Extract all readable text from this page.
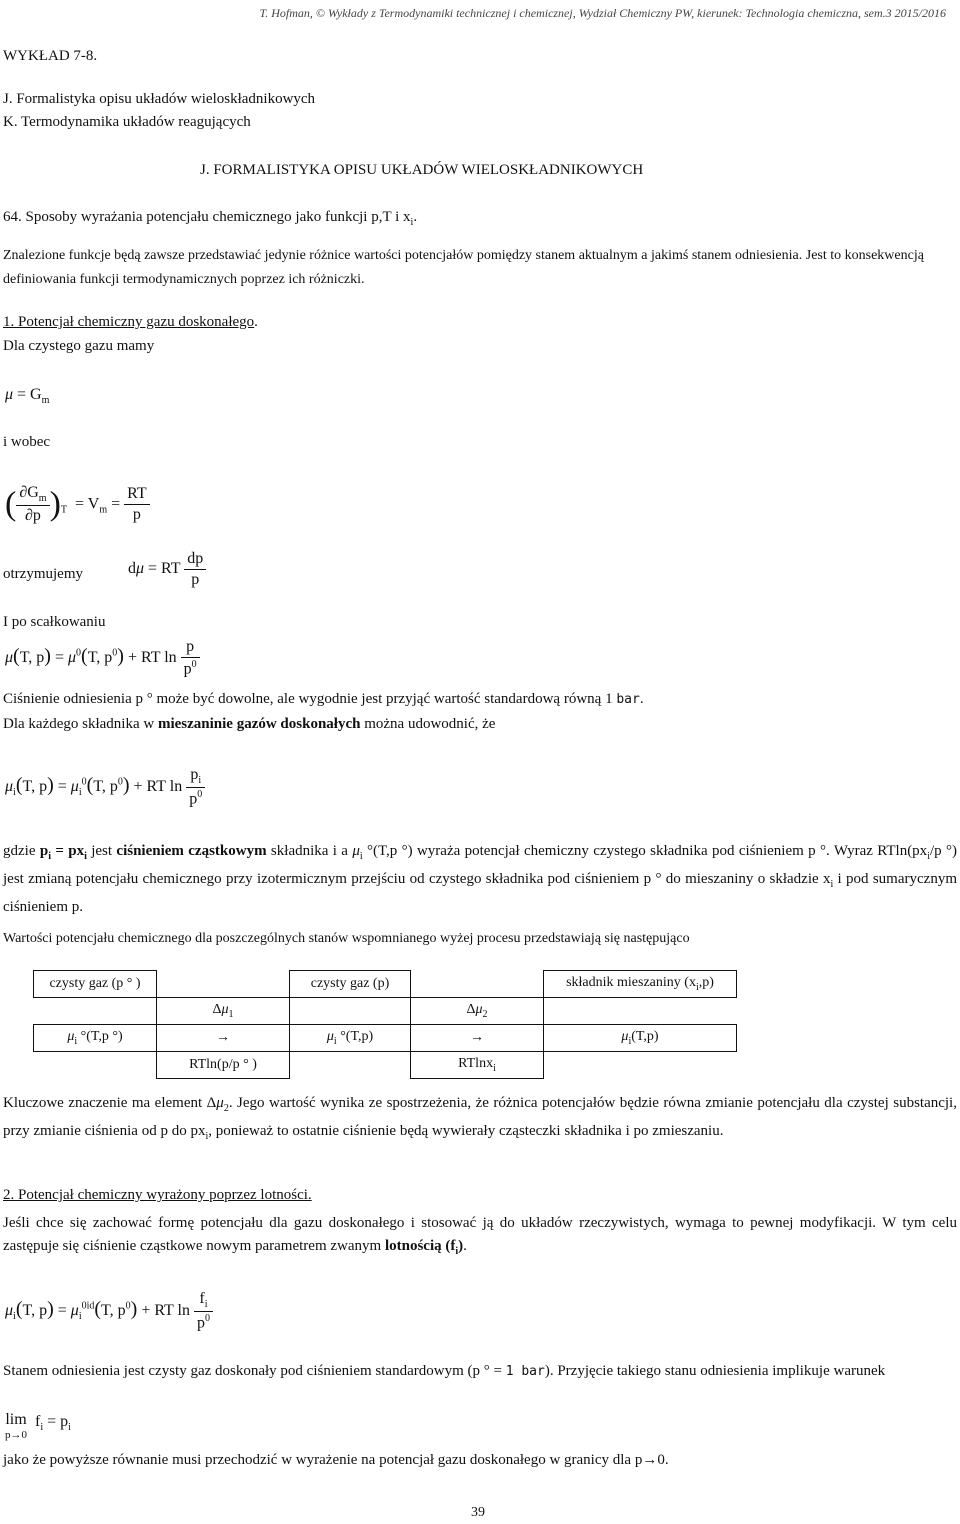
T. Hofman, © Wykłady z Termodynamiki technicznej i chemicznej, Wydział Chemiczny PW, kierunek: Technologia chemiczna, sem.3 2015/2016
WYKŁAD 7-8.
J. Formalistyka opisu układów wieloskładnikowych
K. Termodynamika układów reagujących
J. FORMALISTYKA OPISU UKŁADÓW WIELOSKŁADNIKOWYCH
64. Sposoby wyrażania potencjału chemicznego jako funkcji p,T i $x_i$.
Znalezione funkcje będą zawsze przedstawiać jedynie różnice wartości potencjałów pomiędzy stanem aktualnym a jakimś stanem odniesienia. Jest to konsekwencją definiowania funkcji termodynamicznych poprzez ich różniczki.
1. Potencjał chemiczny gazu doskonałego.
Dla czystego gazu mamy
$\mu = G_m$
i wobec
( $\frac{\partial G_m}{\partial p} )_T = V_m = \frac{RT}{p}$
otrzymujemy	dμ = RT $\frac{dp}{p}$
I po scałkowaniu
μ(T, $p) = \mu^0(T$, $p^0$) + RT $\ln \frac{p}{p^0}$
Ciśnienie odniesienia p ° może być dowolne, ale wygodnie jest przyjąć wartość standardową równą 1 bar.
Dla każdego składnika w mieszaninie gazów doskonałych można udowodnić, że
$\mu_i(T$, $p) = \mu_i^0(T$, $p^0$) + RT $\ln \frac{p_i}{p^0}$
gdzie $p_i = px_i$ jest ciśnieniem cząstkowym składnika i a $\mu_i$ °(T,p °) wyraża potencjał chemiczny czystego składnika pod ciśnieniem p °. Wyraz $RTln(px_i/p$ °) jest zmianą potencjału chemicznego przy izotermicznym przejściu od czystego składnika pod ciśnieniem p ° do mieszaniny o składzie $x_i$ i pod sumarycznym ciśnieniem p.
Wartości potencjału chemicznego dla poszczególnych stanów wspomnianego wyżej procesu przedstawiają się następująco
czysty gaz (p ° )		czysty gaz (p)		składnik mieszaniny $(x_i,p)$
	$\Delta\mu_1$		$\Delta\mu_2$	
$\mu_i$ °(T,p °)	→	$\mu_i$ °(T,p)	→	$\mu_i(T,p)$
	RTln(p/p ° )		RTlnx$_i$	
Kluczowe znaczenie ma element $\Delta\mu_2$. Jego wartość wynika ze spostrzeżenia, że różnica potencjałów będzie równa zmianie potencjału dla czystej substancji, przy zmianie ciśnienia od p do $px_i$, ponieważ to ostatnie ciśnienie będą wywierały cząsteczki składnika i po zmieszaniu.
2. Potencjał chemiczny wyrażony poprzez lotności.
Jeśli chce się zachować formę potencjału dla gazu doskonałego i stosować ją do układów rzeczywistych, wymaga to pewnej modyfikacji. W tym celu zastępuje się ciśnienie cząstkowe nowym parametrem zwanym lotnością $(f_i)$.
$\mu_i(T$, $p) = \mu_i^{0id}(T$, $p^0$) + RT $\ln \frac{f_i}{p^0}$
Stanem odniesienia jest czysty gaz doskonały pod ciśnieniem standardowym (p ° = 1 bar). Przyjęcie takiego stanu odniesienia implikuje warunek
lim
p→0  $f_i = p_i$
jako że powyższe równanie musi przechodzić w wyrażenie na potencjał gazu doskonałego w granicy dla p→0.
39
